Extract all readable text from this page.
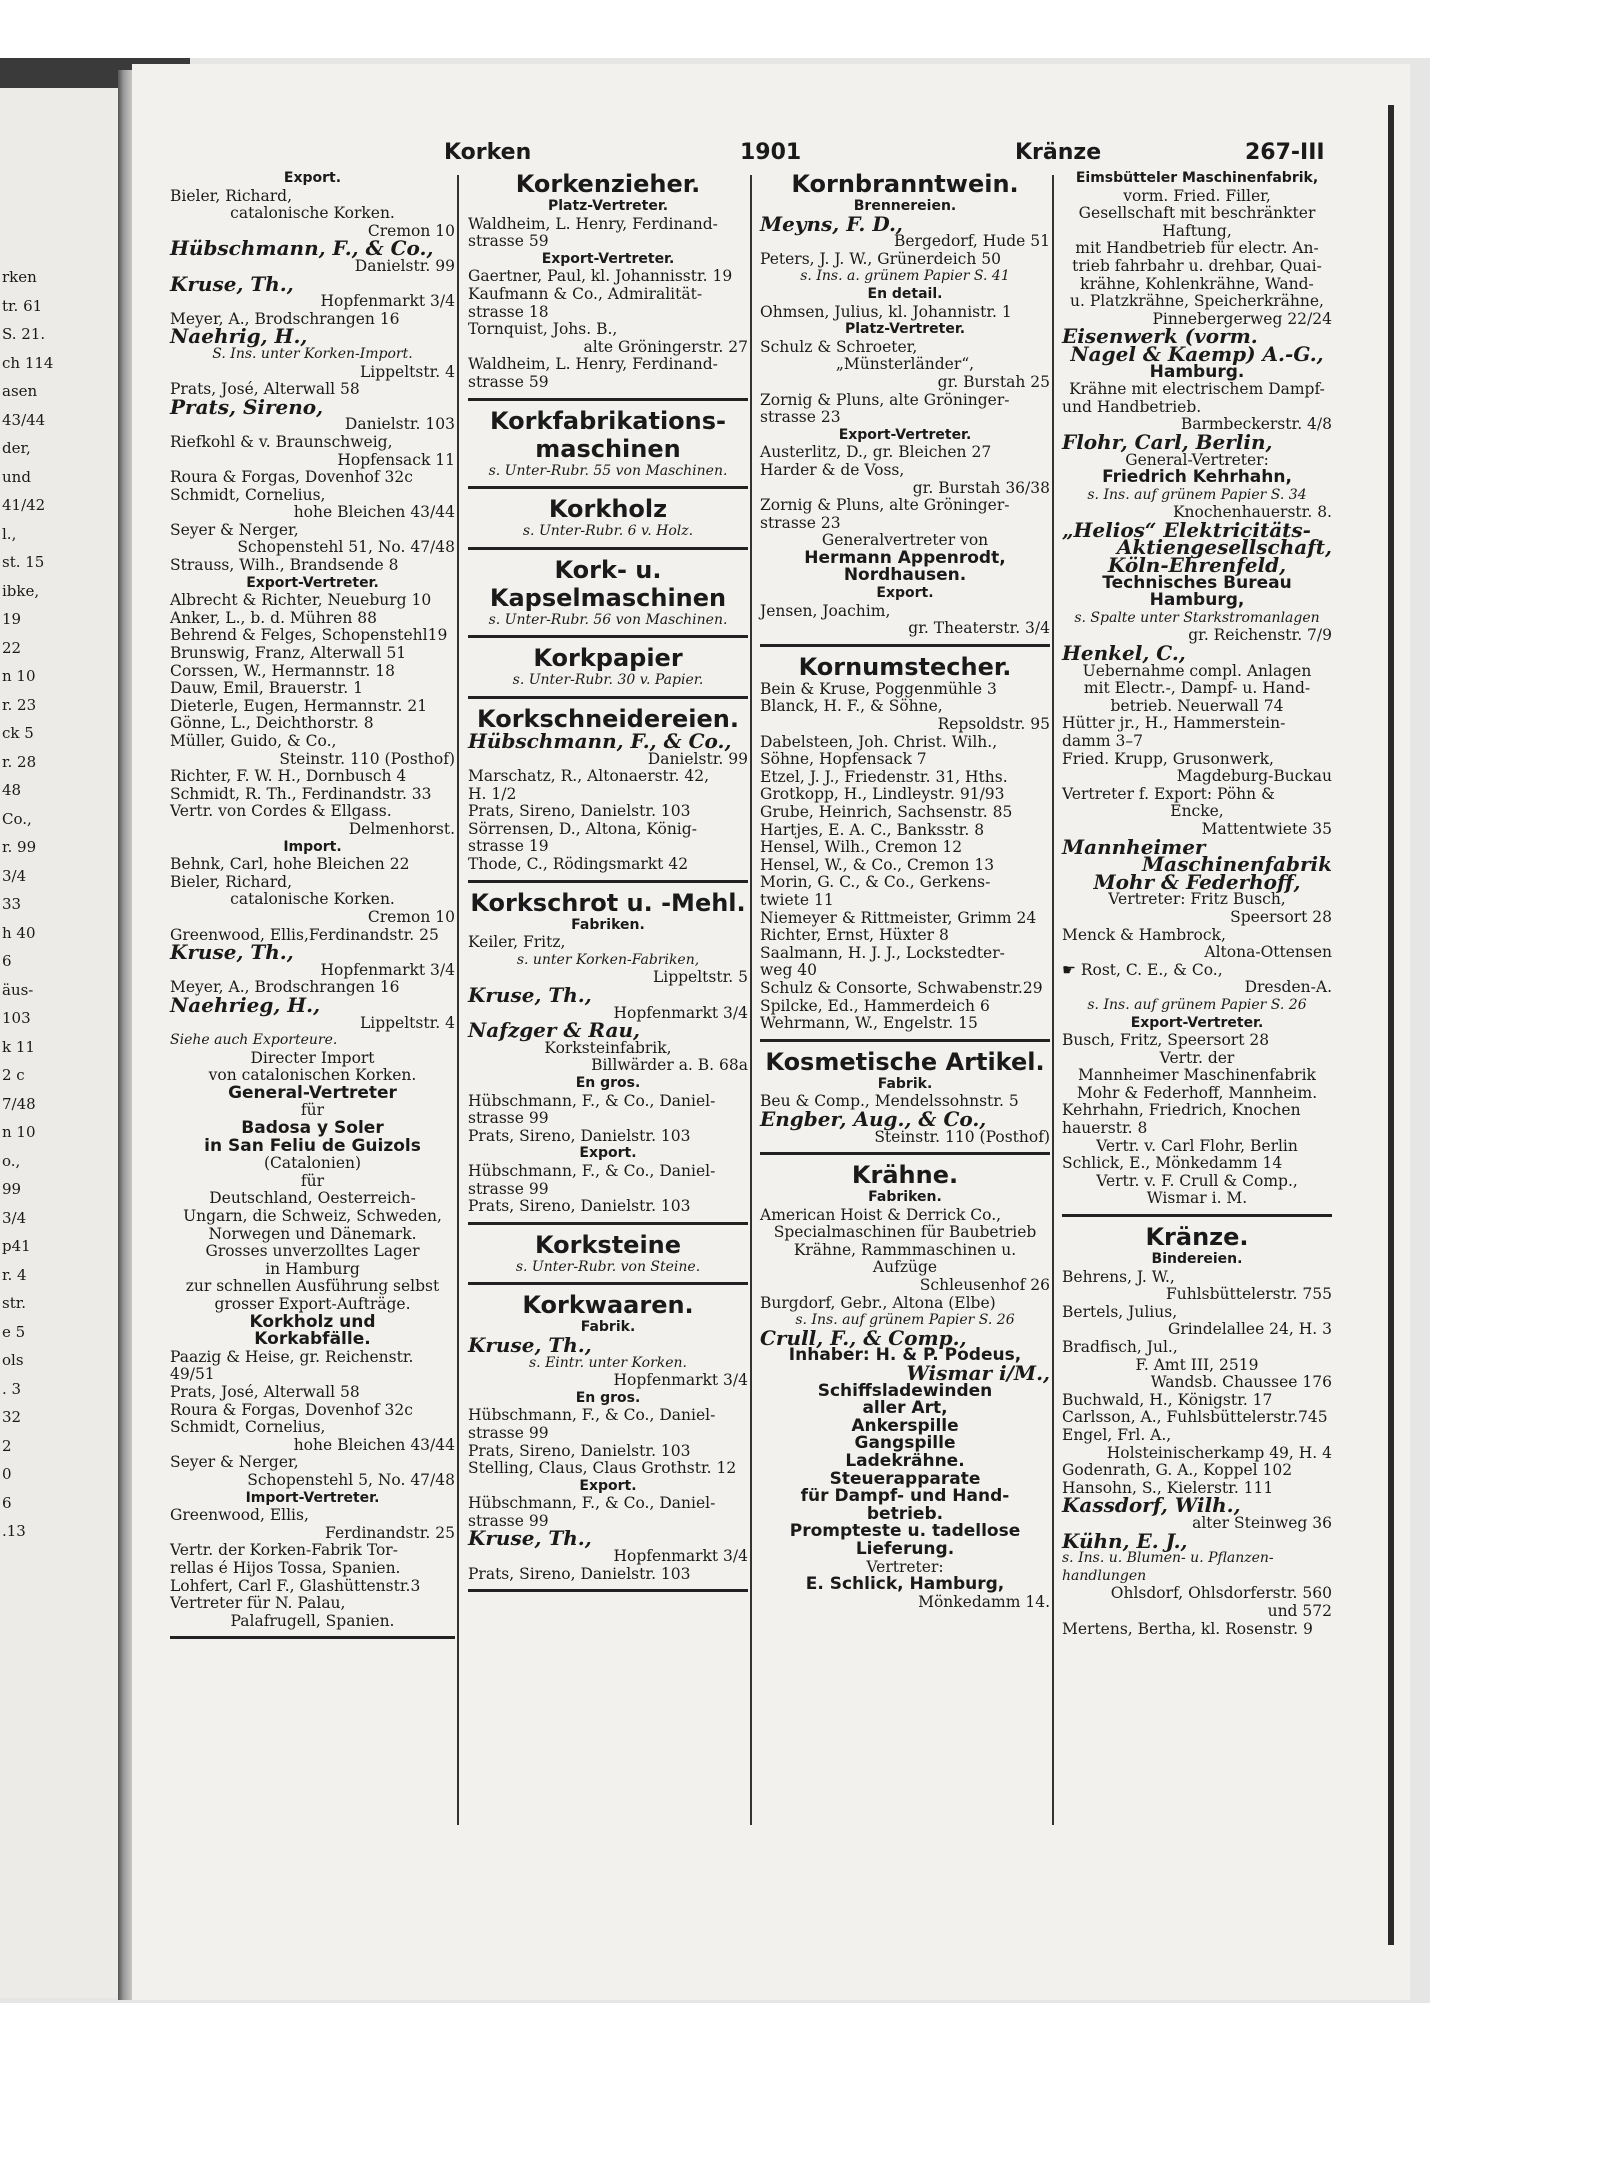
rken
tr. 61
S. 21.
ch 114
asen
43/44
der,
und
41/42
l.,
st. 15
ibke,
19
22
n 10
r. 23
ck 5
r. 28
48
Co.,
r. 99
3/4
33
h 40
6
äus-
103
k 11
2 c
7/48
n 10
o.,
99
3/4
p41
r. 4
str.
e 5
ols
. 3
32
2
0
6
.13
Korken	1901	Kränze	267-III

Export.

Bieler, Richard,

catalonische Korken.

Cremon 10

Hübschmann, F., & Co.,

Danielstr. 99

Kruse, Th.,

Hopfenmarkt 3/4

Meyer, A., Brodschrangen 16

Naehrig, H.,

S. Ins. unter Korken-Import.

Lippeltstr. 4

Prats, José, Alterwall 58

Prats, Sireno,

Danielstr. 103

Riefkohl & v. Braunschweig,

Hopfensack 11

Roura & Forgas, Dovenhof 32c

Schmidt, Cornelius,

hohe Bleichen 43/44

Seyer & Nerger,

Schopenstehl 51, No. 47/48

Strauss, Wilh., Brandsende 8

Export-Vertreter.

Albrecht & Richter, Neueburg 10

Anker, L., b. d. Mühren 88

Behrend & Felges, Schopenstehl19

Brunswig, Franz, Alterwall 51

Corssen, W., Hermannstr. 18

Dauw, Emil, Brauerstr. 1

Dieterle, Eugen, Hermannstr. 21

Gönne, L., Deichthorstr. 8

Müller, Guido, & Co.,

Steinstr. 110 (Posthof)

Richter, F. W. H., Dornbusch 4

Schmidt, R. Th., Ferdinandstr. 33

Vertr. von Cordes & Ellgass.

Delmenhorst.

Import.

Behnk, Carl, hohe Bleichen 22

Bieler, Richard,

catalonische Korken.

Cremon 10

Greenwood, Ellis,Ferdinandstr. 25

Kruse, Th.,

Hopfenmarkt 3/4

Meyer, A., Brodschrangen 16

Naehrieg, H.,

Lippeltstr. 4

Siehe auch Exporteure.

Directer Import

von catalonischen Korken.

General-Vertreter

für

Badosa y Soler

in San Feliu de Guizols

(Catalonien)

für

Deutschland, Oesterreich-

Ungarn, die Schweiz, Schweden,

Norwegen und Dänemark.

Grosses unverzolltes Lager

in Hamburg

zur schnellen Ausführung selbst

grosser Export-Aufträge.

Korkholz und

Korkabfälle.

Paazig & Heise, gr. Reichenstr.

49/51

Prats, José, Alterwall 58

Roura & Forgas, Dovenhof 32c

Schmidt, Cornelius,

hohe Bleichen 43/44

Seyer & Nerger,

Schopenstehl 5, No. 47/48

Import-Vertreter.

Greenwood, Ellis,

Ferdinandstr. 25

Vertr. der Korken-Fabrik Tor-

rellas é Hijos Tossa, Spanien.

Lohfert, Carl F., Glashüttenstr.3

Vertreter für N. Palau,

Palafrugell, Spanien.

Korkenzieher.

Platz-Vertreter.

Waldheim, L. Henry, Ferdinand-

strasse 59

Export-Vertreter.

Gaertner, Paul, kl. Johannisstr. 19

Kaufmann & Co., Admiralität-

strasse 18

Tornquist, Johs. B.,

alte Gröningerstr. 27

Waldheim, L. Henry, Ferdinand-

strasse 59

Korkfabrikations-

maschinen

s. Unter-Rubr. 55 von Maschinen.

Korkholz

s. Unter-Rubr. 6 v. Holz.

Kork- u.

Kapselmaschinen

s. Unter-Rubr. 56 von Maschinen.

Korkpapier

s. Unter-Rubr. 30 v. Papier.

Korkschneidereien.

Hübschmann, F., & Co.,

Danielstr. 99

Marschatz, R., Altonaerstr. 42,

H. 1/2

Prats, Sireno, Danielstr. 103

Sörrensen, D., Altona, König-

strasse 19

Thode, C., Rödingsmarkt 42

Korkschrot u. -Mehl.

Fabriken.

Keiler, Fritz,

s. unter Korken-Fabriken,

Lippeltstr. 5

Kruse, Th.,

Hopfenmarkt 3/4

Nafzger & Rau,

Korksteinfabrik,

Billwärder a. B. 68a

En gros.

Hübschmann, F., & Co., Daniel-

strasse 99

Prats, Sireno, Danielstr. 103

Export.

Hübschmann, F., & Co., Daniel-

strasse 99

Prats, Sireno, Danielstr. 103

Korksteine

s. Unter-Rubr. von Steine.

Korkwaaren.

Fabrik.

Kruse, Th.,

s. Eintr. unter Korken.

Hopfenmarkt 3/4

En gros.

Hübschmann, F., & Co., Daniel-

strasse 99

Prats, Sireno, Danielstr. 103

Stelling, Claus, Claus Grothstr. 12

Export.

Hübschmann, F., & Co., Daniel-

strasse 99

Kruse, Th.,

Hopfenmarkt 3/4

Prats, Sireno, Danielstr. 103

Kornbranntwein.

Brennereien.

Meyns, F. D.,

Bergedorf, Hude 51

Peters, J. J. W., Grünerdeich 50

s. Ins. a. grünem Papier S. 41

En detail.

Ohmsen, Julius, kl. Johannistr. 1

Platz-Vertreter.

Schulz & Schroeter,

„Münsterländer“,

gr. Burstah 25

Zornig & Pluns, alte Gröninger-

strasse 23

Export-Vertreter.

Austerlitz, D., gr. Bleichen 27

Harder & de Voss,

gr. Burstah 36/38

Zornig & Pluns, alte Gröninger-

strasse 23

Generalvertreter von

Hermann Appenrodt,

Nordhausen.

Export.

Jensen, Joachim,

gr. Theaterstr. 3/4

Kornumstecher.

Bein & Kruse, Poggenmühle 3

Blanck, H. F., & Söhne,

Repsoldstr. 95

Dabelsteen, Joh. Christ. Wilh.,

Söhne, Hopfensack 7

Etzel, J. J., Friedenstr. 31, Hths.

Grotkopp, H., Lindleystr. 91/93

Grube, Heinrich, Sachsenstr. 85

Hartjes, E. A. C., Banksstr. 8

Hensel, Wilh., Cremon 12

Hensel, W., & Co., Cremon 13

Morin, G. C., & Co., Gerkens-

twiete 11

Niemeyer & Rittmeister, Grimm 24

Richter, Ernst, Hüxter 8

Saalmann, H. J. J., Lockstedter-

weg 40

Schulz & Consorte, Schwabenstr.29

Spilcke, Ed., Hammerdeich 6

Wehrmann, W., Engelstr. 15

Kosmetische Artikel.

Fabrik.

Beu & Comp., Mendelssohnstr. 5

Engber, Aug., & Co.,

Steinstr. 110 (Posthof)

Krähne.

Fabriken.

American Hoist & Derrick Co.,

Specialmaschinen für Baubetrieb

Krähne, Rammmaschinen u.

Aufzüge

Schleusenhof 26

Burgdorf, Gebr., Altona (Elbe)

s. Ins. auf grünem Papier S. 26

Crull, F., & Comp.,

Inhaber: H. & P. Podeus,

Wismar i/M.,

Schiffsladewinden

aller Art,

Ankerspille

Gangspille

Ladekrähne.

Steuerapparate

für Dampf- und Hand-

betrieb.

Prompteste u. tadellose

Lieferung.

Vertreter:

E. Schlick, Hamburg,

Mönkedamm 14.

Eimsbütteler Maschinenfabrik,

vorm. Fried. Filler,

Gesellschaft mit beschränkter

Haftung,

mit Handbetrieb für electr. An-

trieb fahrbahr u. drehbar, Quai-

krähne, Kohlenkrähne, Wand-

u. Platzkrähne, Speicherkrähne,

Pinnebergerweg 22/24

Eisenwerk (vorm.

Nagel & Kaemp) A.-G.,

Hamburg.

Krähne mit electrischem Dampf-

und Handbetrieb.

Barmbeckerstr. 4/8

Flohr, Carl, Berlin,

General-Vertreter:

Friedrich Kehrhahn,

s. Ins. auf grünem Papier S. 34

Knochenhauerstr. 8.

„Helios“ Elektricitäts-

Aktiengesellschaft,

Köln-Ehrenfeld,

Technisches Bureau

Hamburg,

s. Spalte unter Starkstromanlagen

gr. Reichenstr. 7/9

Henkel, C.,

Uebernahme compl. Anlagen

mit Electr.-, Dampf- u. Hand-

betrieb. Neuerwall 74

Hütter jr., H., Hammerstein-

damm 3–7

Fried. Krupp, Grusonwerk,

Magdeburg-Buckau

Vertreter f. Export: Pöhn &

Encke,

Mattentwiete 35

Mannheimer

Maschinenfabrik

Mohr & Federhoff,

Vertreter: Fritz Busch,

Speersort 28

Menck & Hambrock,

Altona-Ottensen

☛ Rost, C. E., & Co.,

Dresden-A.

s. Ins. auf grünem Papier S. 26

Export-Vertreter.

Busch, Fritz, Speersort 28

Vertr. der

Mannheimer Maschinenfabrik

Mohr & Federhoff, Mannheim.

Kehrhahn, Friedrich, Knochen

hauerstr. 8

Vertr. v. Carl Flohr, Berlin

Schlick, E., Mönkedamm 14

Vertr. v. F. Crull & Comp.,

Wismar i. M.

Kränze.

Bindereien.

Behrens, J. W.,

Fuhlsbüttelerstr. 755

Bertels, Julius,

Grindelallee 24, H. 3

Bradfisch, Jul.,

F. Amt III, 2519

Wandsb. Chaussee 176

Buchwald, H., Königstr. 17

Carlsson, A., Fuhlsbüttelerstr.745

Engel, Frl. A.,

Holsteinischerkamp 49, H. 4

Godenrath, G. A., Koppel 102

Hansohn, S., Kielerstr. 111

Kassdorf, Wilh.,

alter Steinweg 36

Kühn, E. J.,

s. Ins. u. Blumen- u. Pflanzen-

handlungen

Ohlsdorf, Ohlsdorferstr. 560

und 572

Mertens, Bertha, kl. Rosenstr. 9
